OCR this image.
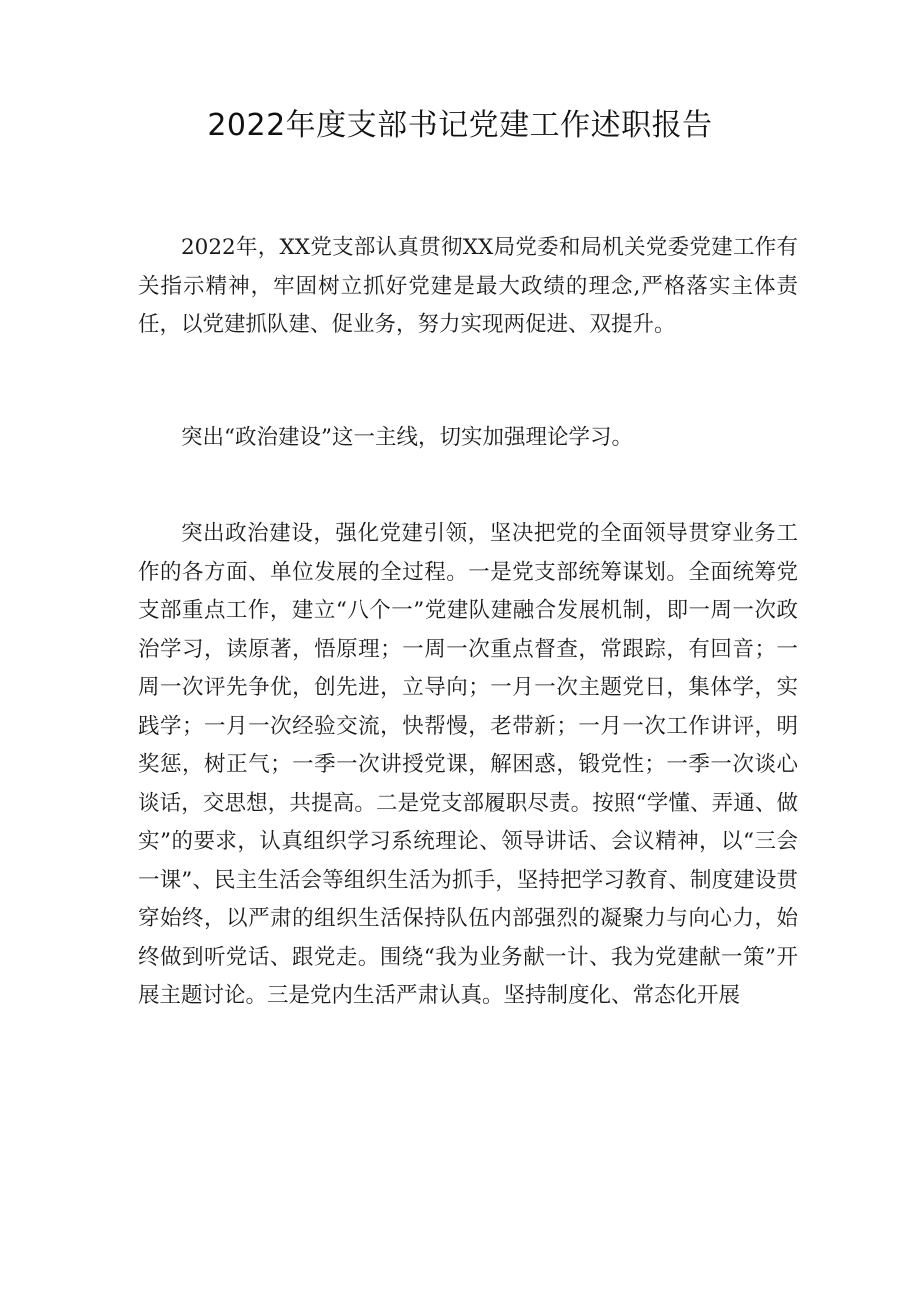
2022年度支部书记党建工作述职报告

2022年，XX党支部认真贯彻XX局党委和局机关党委党建工作有关指示精神，牢固树立抓好党建是最大政绩的理念,严格落实主体责任，以党建抓队建、促业务，努力实现两促进、双提升。

突出“政治建设”这一主线，切实加强理论学习。

突出政治建设，强化党建引领，坚决把党的全面领导贯穿业务工作的各方面、单位发展的全过程。一是党支部统筹谋划。全面统筹党支部重点工作，建立“八个一”党建队建融合发展机制，即一周一次政治学习，读原著，悟原理；一周一次重点督查，常跟踪，有回音；一周一次评先争优，创先进，立导向；一月一次主题党日，集体学，实践学；一月一次经验交流，快帮慢，老带新；一月一次工作讲评，明奖惩，树正气；一季一次讲授党课，解困惑，锻党性；一季一次谈心谈话，交思想，共提高。二是党支部履职尽责。按照“学懂、弄通、做实”的要求，认真组织学习系统理论、领导讲话、会议精神，以“三会一课”、民主生活会等组织生活为抓手，坚持把学习教育、制度建设贯穿始终，以严肃的组织生活保持队伍内部强烈的凝聚力与向心力，始终做到听党话、跟党走。围绕“我为业务献一计、我为党建献一策”开展主题讨论。三是党内生活严肃认真。坚持制度化、常态化开展
